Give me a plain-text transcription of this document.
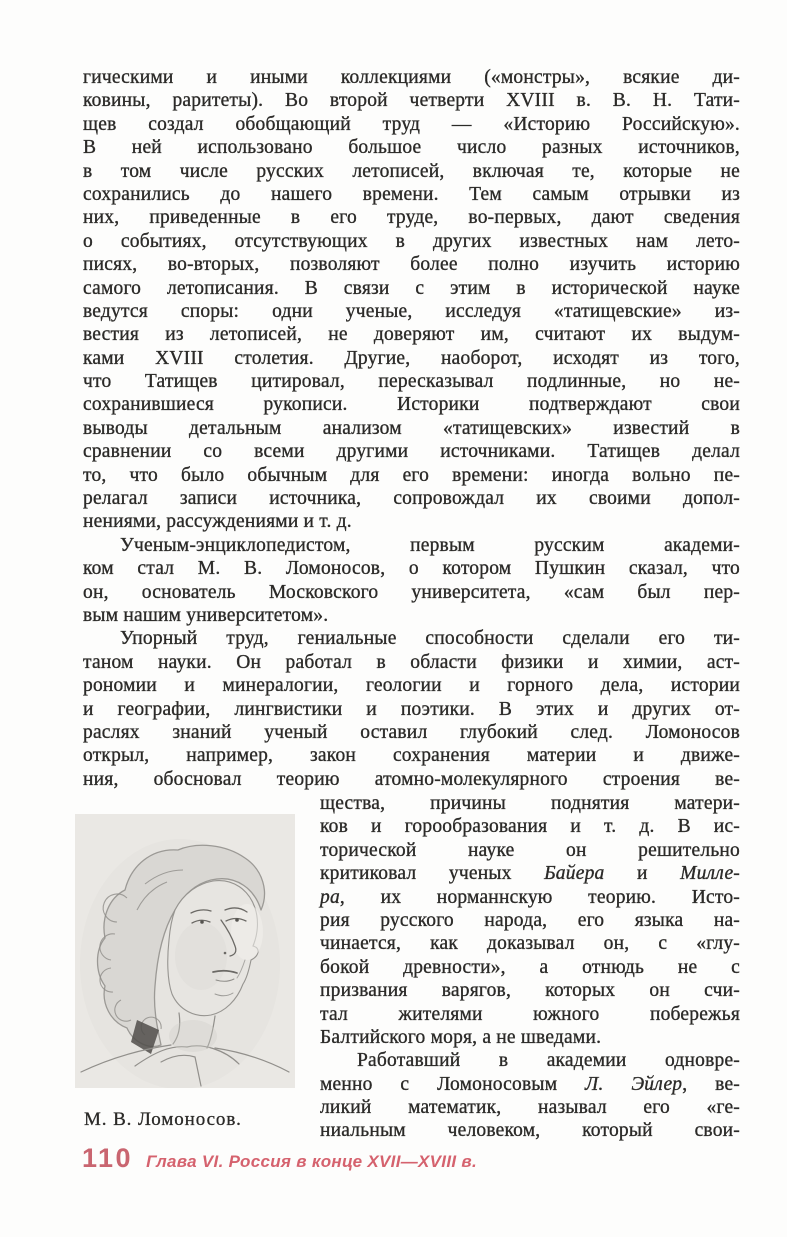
гическими и иными коллекциями («монстры», всякие ди-
ковины, раритеты). Во второй четверти XVIII в. В. Н. Тати-
щев создал обобщающий труд — «Историю Российскую».
В ней использовано большое число разных источников,
в том числе русских летописей, включая те, которые не
сохранились до нашего времени. Тем самым отрывки из
них, приведенные в его труде, во-первых, дают сведения
о событиях, отсутствующих в других известных нам лето-
писях, во-вторых, позволяют более полно изучить историю
самого летописания. В связи с этим в исторической науке
ведутся споры: одни ученые, исследуя «татищевские» из-
вестия из летописей, не доверяют им, считают их выдум-
ками XVIII столетия. Другие, наоборот, исходят из того,
что Татищев цитировал, пересказывал подлинные, но не-
сохранившиеся рукописи. Историки подтверждают свои
выводы детальным анализом «татищевских» известий в
сравнении со всеми другими источниками. Татищев делал
то, что было обычным для его времени: иногда вольно пе-
релагал записи источника, сопровождал их своими допол-
нениями, рассуждениями и т. д.
Ученым-энциклопедистом, первым русским академи-
ком стал М. В. Ломоносов, о котором Пушкин сказал, что
он, основатель Московского университета, «сам был пер-
вым нашим университетом».
Упорный труд, гениальные способности сделали его ти-
таном науки. Он работал в области физики и химии, аст-
рономии и минералогии, геологии и горного дела, истории
и географии, лингвистики и поэтики. В этих и других от-
раслях знаний ученый оставил глубокий след. Ломоносов
открыл, например, закон сохранения материи и движе-
ния, обосновал теорию атомно-молекулярного строения ве-
щества, причины поднятия матери-
ков и горообразования и т. д. В ис-
торической науке он решительно
критиковал ученых Байера и Милле-
ра, их норманнскую теорию. Исто-
рия русского народа, его языка на-
чинается, как доказывал он, с «глу-
бокой древности», а отнюдь не с
призвания варягов, которых он счи-
тал жителями южного побережья
Балтийского моря, а не шведами.
Работавший в академии одновре-
менно с Ломоносовым Л. Эйлер, ве-
ликий математик, называл его «ге-
ниальным человеком, который свои-
М. В. Ломоносов.
110 Глава VI. Россия в конце XVII—XVIII в.
